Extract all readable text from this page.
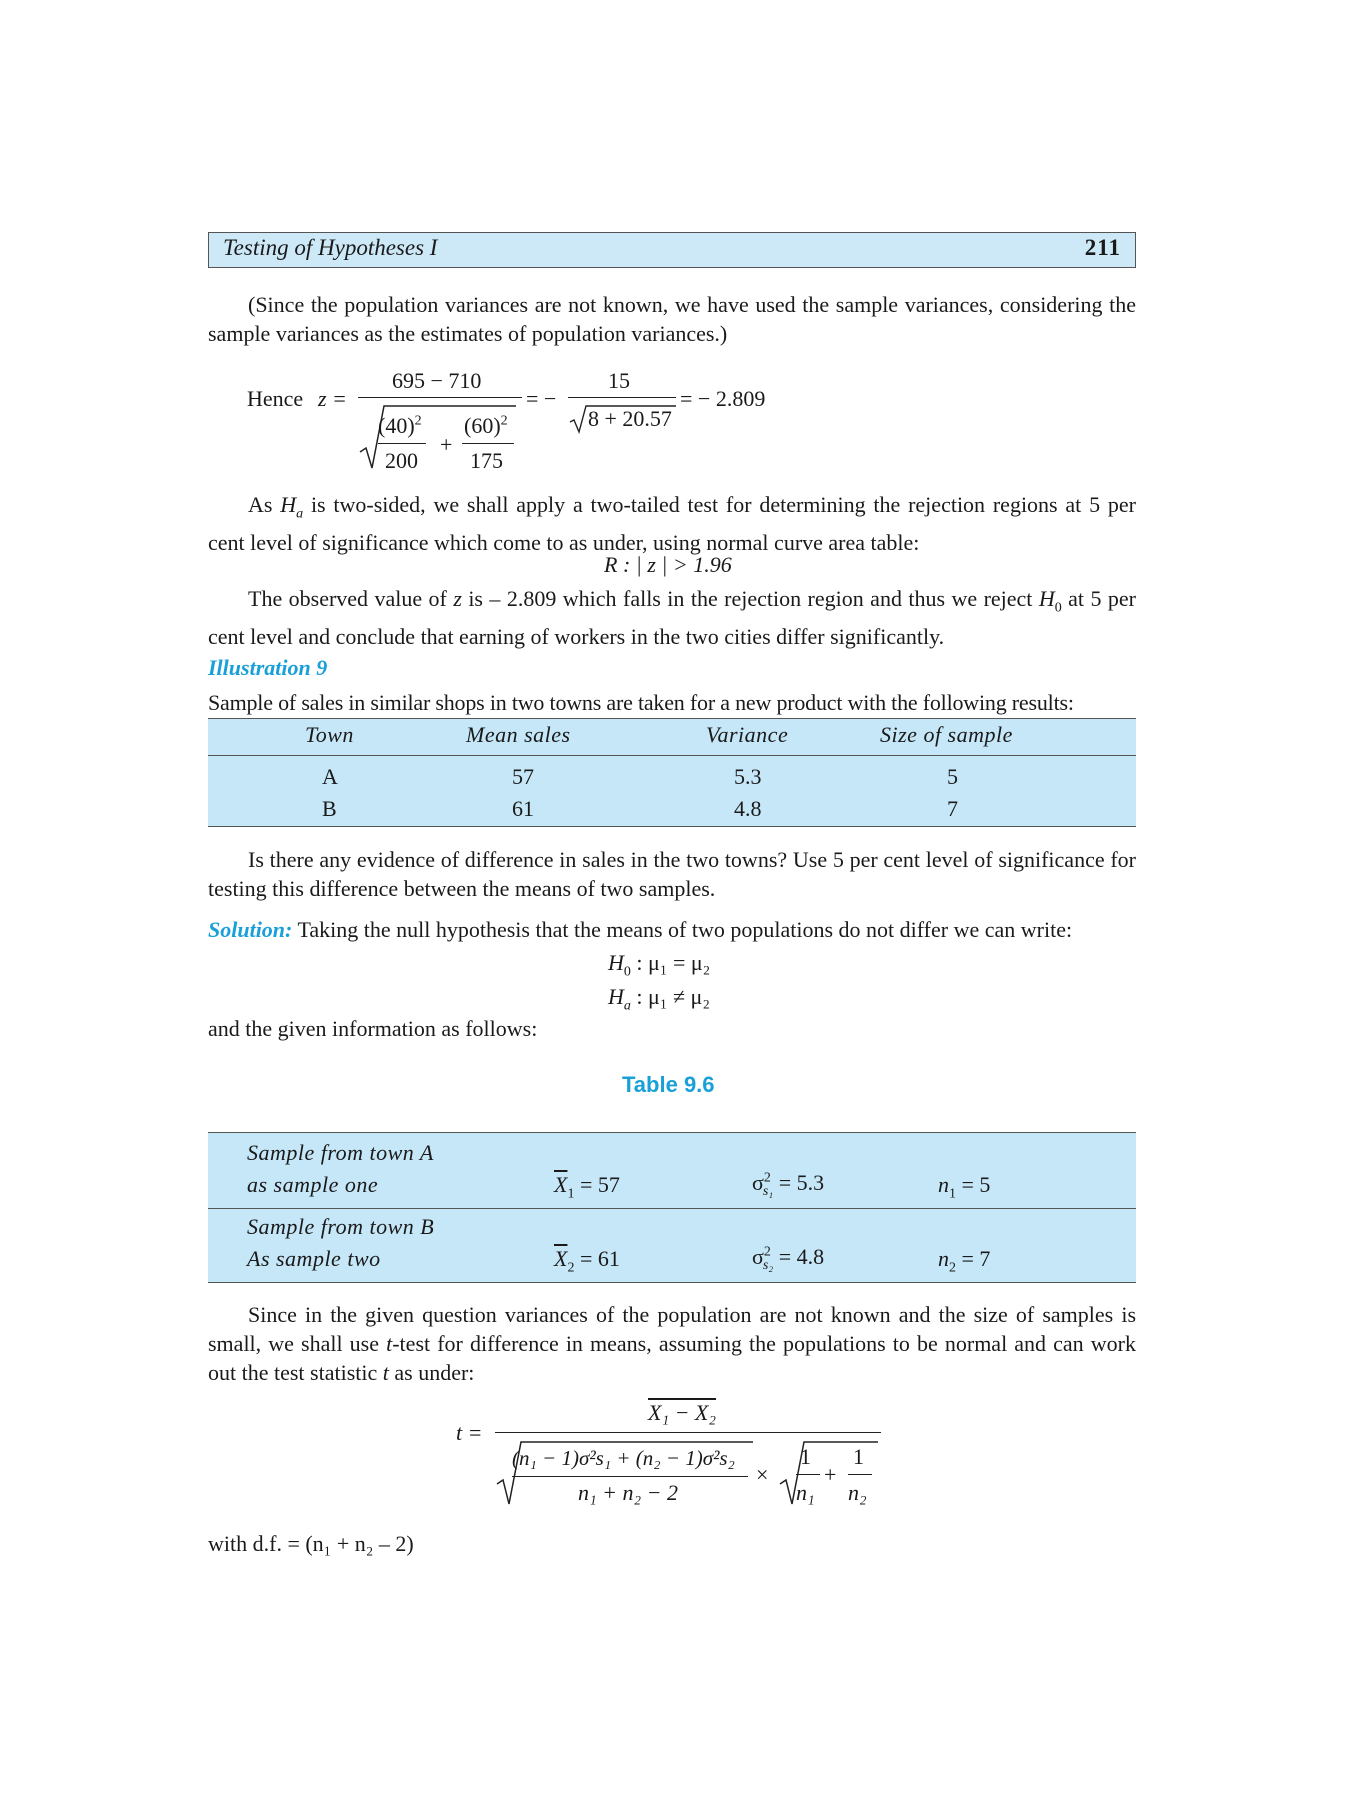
Testing of Hypotheses I	211
(Since the population variances are not known, we have used the sample variances, considering the sample variances as the estimates of population variances.)
Hence z =
695 − 710
$(40)^2$ $(60)^2$
+
200 175
= −
15
8 + 20.57
= − 2.809
As $H_a$ is two-sided, we shall apply a two-tailed test for determining the rejection regions at 5 per cent level of significance which come to as under, using normal curve area table:
R : | z | > 1.96
The observed value of z is – 2.809 which falls in the rejection region and thus we reject $H_0$ at 5 per cent level and conclude that earning of workers in the two cities differ significantly.
Illustration 9
Sample of sales in similar shops in two towns are taken for a new product with the following results:
Town	Mean sales	Variance	Size of sample
A	57	5.3	5
B	61	4.8	7
Is there any evidence of difference in sales in the two towns? Use 5 per cent level of significance for testing this difference between the means of two samples.
Solution: Taking the null hypothesis that the means of two populations do not differ we can write:
$H_0$ : μ₁ = μ₂
$H_a$ : μ₁ ≠ μ₂
and the given information as follows:
Table 9.6
Sample from town A
as sample one	$\overline{X}_1 = 57$	$\sigma^2_{s_1} = 5.3$	$n_1 = 5$
Sample from town B
As sample two	$\overline{X}_2 = 61$	$\sigma^2_{s_2} = 4.8$	$n_2 = 7$
Since in the given question variances of the population are not known and the size of samples is small, we shall use t-test for difference in means, assuming the populations to be normal and can work out the test statistic t as under:
t =
X₁ − X₂
(n₁ − 1)σ²s₁ + (n₂ − 1)σ²s₂
n₁ + n₂ − 2
×
1 1
+
n₁ n₂
with d.f. = (n₁ + n₂ – 2)
